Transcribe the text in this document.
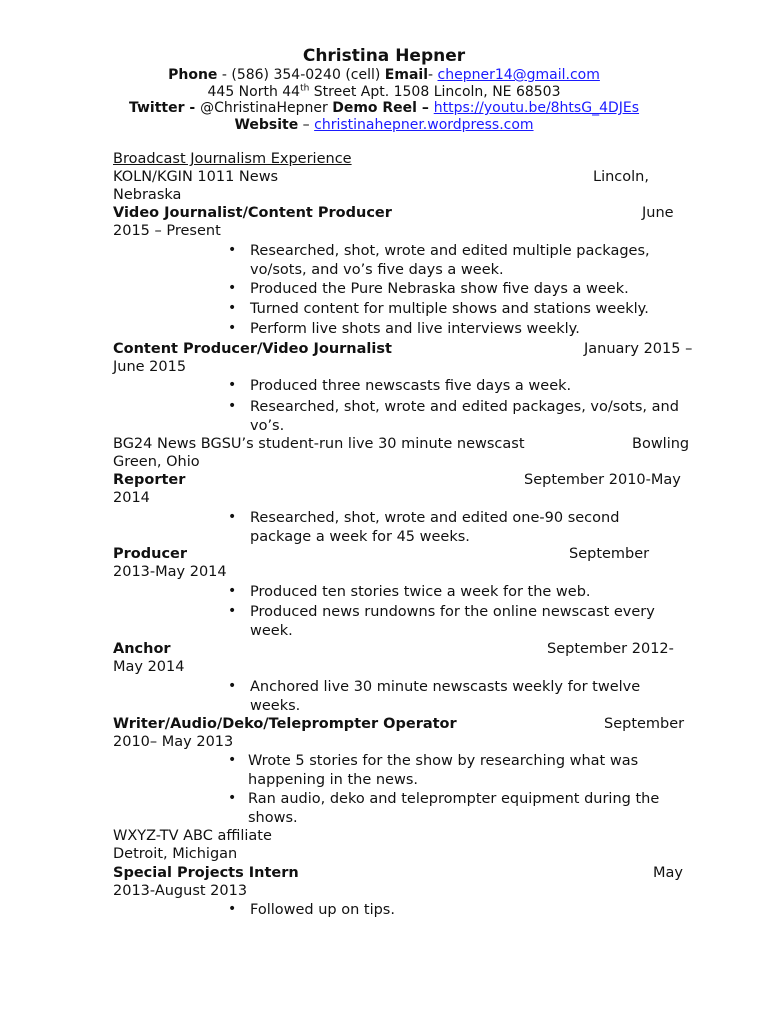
Christina Hepner
Phone - (586) 354-0240 (cell) Email- chepner14@gmail.com
445 North 44th Street Apt. 1508 Lincoln, NE 68503
Twitter - @ChristinaHepner Demo Reel – https://youtu.be/8htsG_4DJEs
Website – christinahepner.wordpress.com
Broadcast Journalism Experience
KOLN/KGIN 1011 News	Lincoln,
Nebraska
Video Journalist/Content Producer	June
2015 – Present
• Researched, shot, wrote and edited multiple packages,
vo/sots, and vo’s five days a week.
• Produced the Pure Nebraska show five days a week.
• Turned content for multiple shows and stations weekly.
• Perform live shots and live interviews weekly.
Content Producer/Video Journalist	January 2015 –
June 2015
• Produced three newscasts five days a week.
• Researched, shot, wrote and edited packages, vo/sots, and
vo’s.
BG24 News BGSU’s student-run live 30 minute newscast	Bowling
Green, Ohio
Reporter	September 2010-May
2014
• Researched, shot, wrote and edited one-90 second
package a week for 45 weeks.
Producer	September
2013-May 2014
• Produced ten stories twice a week for the web.
• Produced news rundowns for the online newscast every
week.
Anchor	September 2012-
May 2014
• Anchored live 30 minute newscasts weekly for twelve
weeks.
Writer/Audio/Deko/Teleprompter Operator	September
2010– May 2013
• Wrote 5 stories for the show by researching what was
happening in the news.
• Ran audio, deko and teleprompter equipment during the
shows.
WXYZ-TV ABC affiliate
Detroit, Michigan
Special Projects Intern	May
2013-August 2013
• Followed up on tips.
